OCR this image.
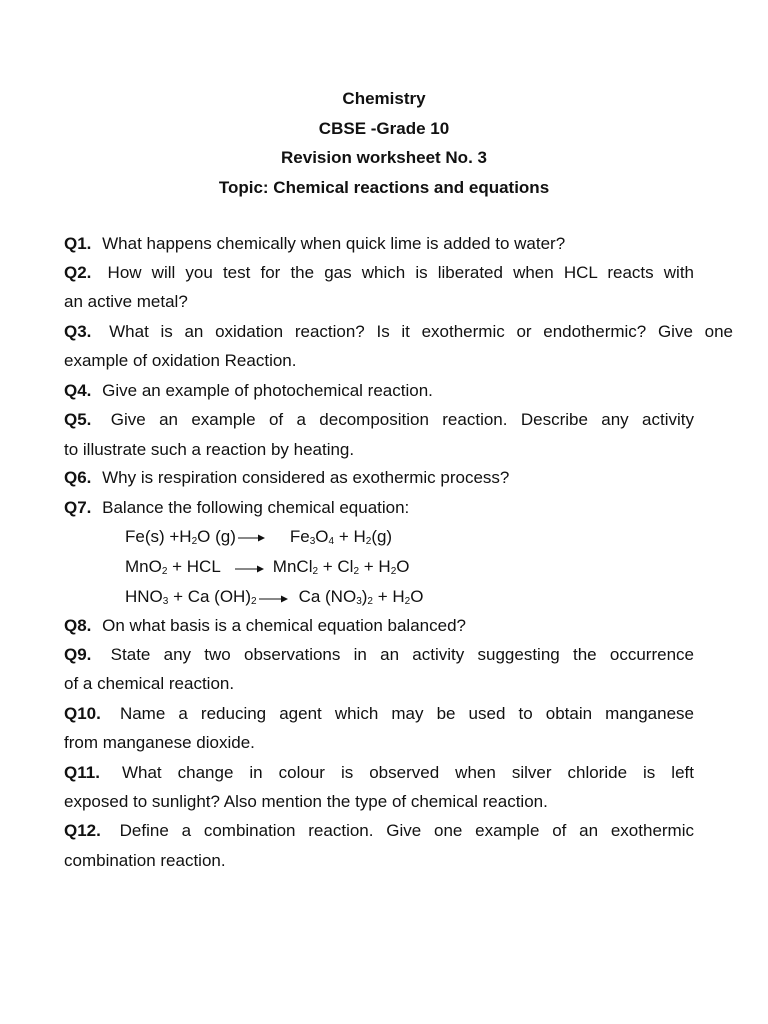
Chemistry
CBSE -Grade 10
Revision worksheet No. 3
Topic: Chemical reactions and equations
Q1. What happens chemically when quick lime is added to water?
Q2. How will you test for the gas which is liberated when HCL reacts with
an active metal?
Q3. What is an oxidation reaction? Is it exothermic or endothermic? Give one
example of oxidation Reaction.
Q4. Give an example of photochemical reaction.
Q5. Give an example of a decomposition reaction. Describe any activity
to illustrate such a reaction by heating.
Q6. Why is respiration considered as exothermic process?
Q7. Balance the following chemical equation:
$Fe(s) +H_2O$ (g)	$Fe_3O_4 + H_2(g)$
MnO$_2$ + HCL	MnCl$_2$ + $Cl_2 + H_2O$
$HNO_3 + Ca$ $(OH)_2$ Ca $(NO_3)_2 + H_2O$
Q8. On what basis is a chemical equation balanced?
Q9. State any two observations in an activity suggesting the occurrence
of a chemical reaction.
Q10. Name a reducing agent which may be used to obtain manganese
from manganese dioxide.
Q11. What change in colour is observed when silver chloride is left
exposed to sunlight? Also mention the type of chemical reaction.
Q12. Define a combination reaction. Give one example of an exothermic
combination reaction.
